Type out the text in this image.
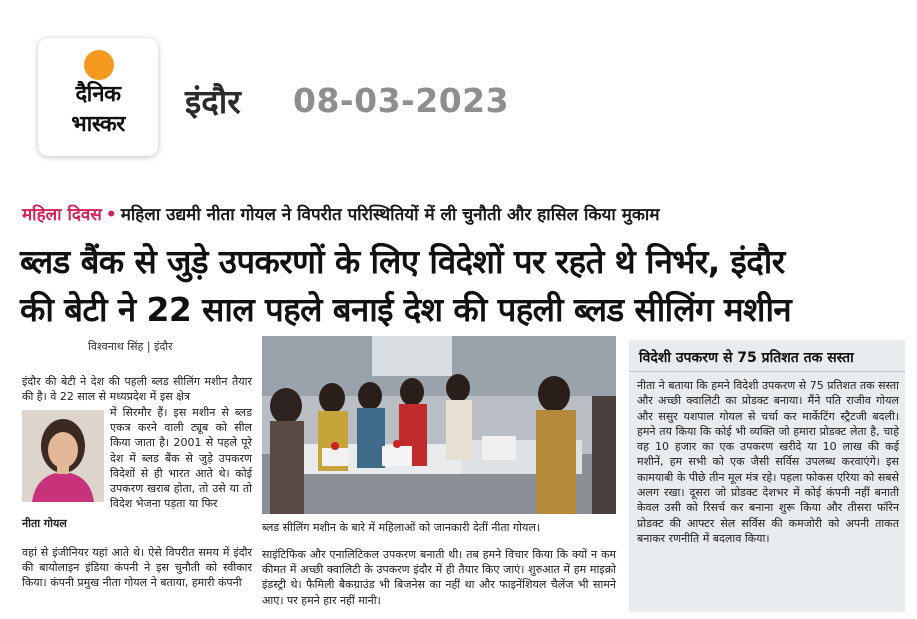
दैनिक
भास्कर
इंदौर 08-03-2023
महिला दिवस • महिला उद्यमी नीता गोयल ने विपरीत परिस्थितियों में ली चुनौती और हासिल किया मुकाम
ब्लड बैंक से जुड़े उपकरणों के लिए विदेशों पर रहते थे निर्भर, इंदौर
की बेटी ने 22 साल पहले बनाई देश की पहली ब्लड सीलिंग मशीन
विश्वनाथ सिंह | इंदौर
इंदौर की बेटी ने देश की पहली ब्लड सीलिंग मशीन तैयार की है। वे 22 साल से मध्यप्रदेश में इस क्षेत्र
नीता गोयल
में सिरमौर हैं। इस मशीन से ब्लड एकत्र करने वाली ट्यूब को सील किया जाता है। 2001 से पहले पूरे देश में ब्लड बैंक से जुड़े उपकरण विदेशों से ही भारत आते थे। कोई उपकरण खराब होता, तो उसे या तो विदेश भेजना पड़ता या फिर
वहां से इंजीनियर यहां आते थे। ऐसे विपरीत समय में इंदौर की बायोलाइन इंडिया कंपनी ने इस चुनौती को स्वीकार किया। कंपनी प्रमुख नीता गोयल ने बताया, हमारी कंपनी
ब्लड सीलिंग मशीन के बारे में महिलाओं को जानकारी देतीं नीता गोयल।
साइंटिफिक और एनालिटिकल उपकरण बनाती थी। तब हमने विचार किया कि क्यों न कम कीमत में अच्छी क्वालिटी के उपकरण इंदौर में ही तैयार किए जाएं। शुरुआत में हम माइक्रो इंडस्ट्री थे। फैमिली बैकग्राउंड भी बिजनेस का नहीं था और फाइनेंशियल चैलेंज भी सामने आए। पर हमने हार नहीं मानी।
विदेशी उपकरण से 75 प्रतिशत तक सस्ता
नीता ने बताया कि हमने विदेशी उपकरण से 75 प्रतिशत तक सस्ता और अच्छी क्वालिटी का प्रोडक्ट बनाया। मैंने पति राजीव गोयल और ससुर यशपाल गोयल से चर्चा कर मार्केटिंग स्ट्रैटजी बदली। हमने तय किया कि कोई भी व्यक्ति जो हमारा प्रोडक्ट लेता है, चाहे वह 10 हजार का एक उपकरण खरीदे या 10 लाख की कई मशीनें, हम सभी को एक जैसी सर्विस उपलब्ध करवाएंगे। इस कामयाबी के पीछे तीन मूल मंत्र रहे। पहला फोकस एरिया को सबसे अलग रखा। दूसरा जो प्रोडक्ट देशभर में कोई कंपनी नहीं बनाती केवल उसी को रिसर्च कर बनाना शुरू किया और तीसरा फॉरेन प्रोडक्ट की आफ्टर सेल सर्विस की कमजोरी को अपनी ताकत बनाकर रणनीति में बदलाव किया।
